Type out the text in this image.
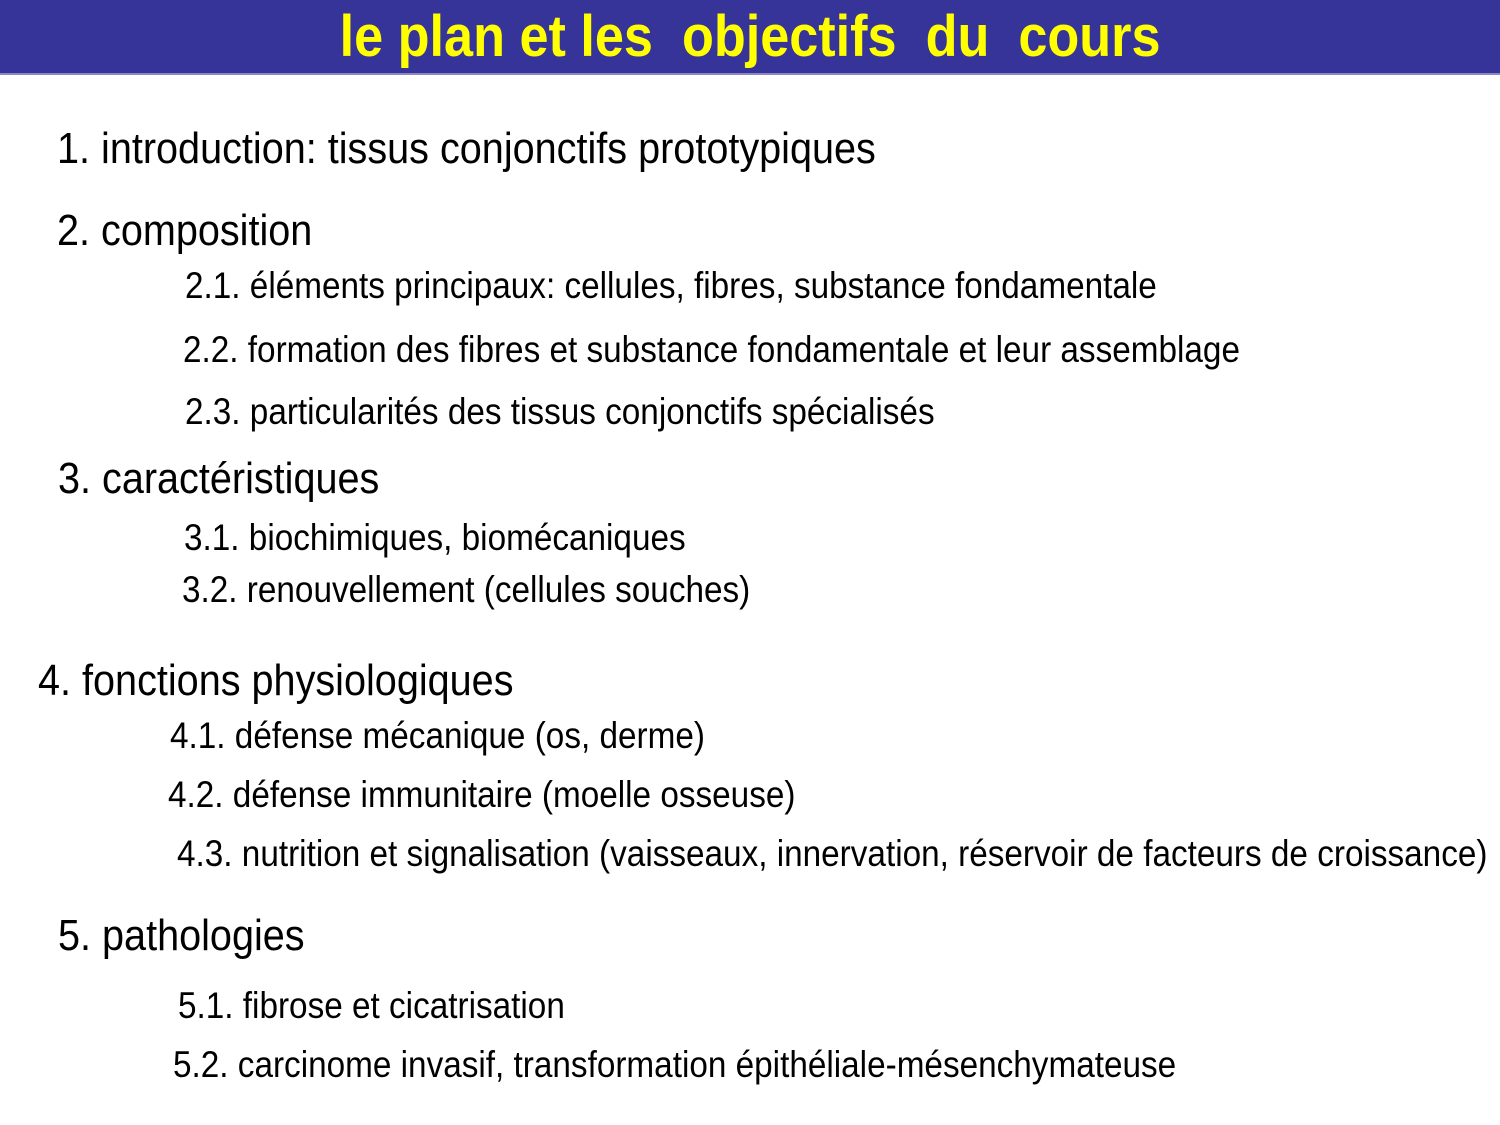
le plan et les  objectifs  du  cours
1. introduction: tissus conjonctifs prototypiques
2. composition
2.1. éléments principaux: cellules, fibres, substance fondamentale
2.2. formation des fibres et substance fondamentale et leur assemblage
2.3. particularités des tissus conjonctifs spécialisés
3. caractéristiques
3.1. biochimiques, biomécaniques
3.2. renouvellement (cellules souches)
4. fonctions physiologiques
4.1. défense mécanique (os, derme)
4.2. défense immunitaire (moelle osseuse)
4.3. nutrition et signalisation (vaisseaux, innervation, réservoir de facteurs de croissance)
5. pathologies
5.1. fibrose et cicatrisation
5.2. carcinome invasif, transformation épithéliale-mésenchymateuse
